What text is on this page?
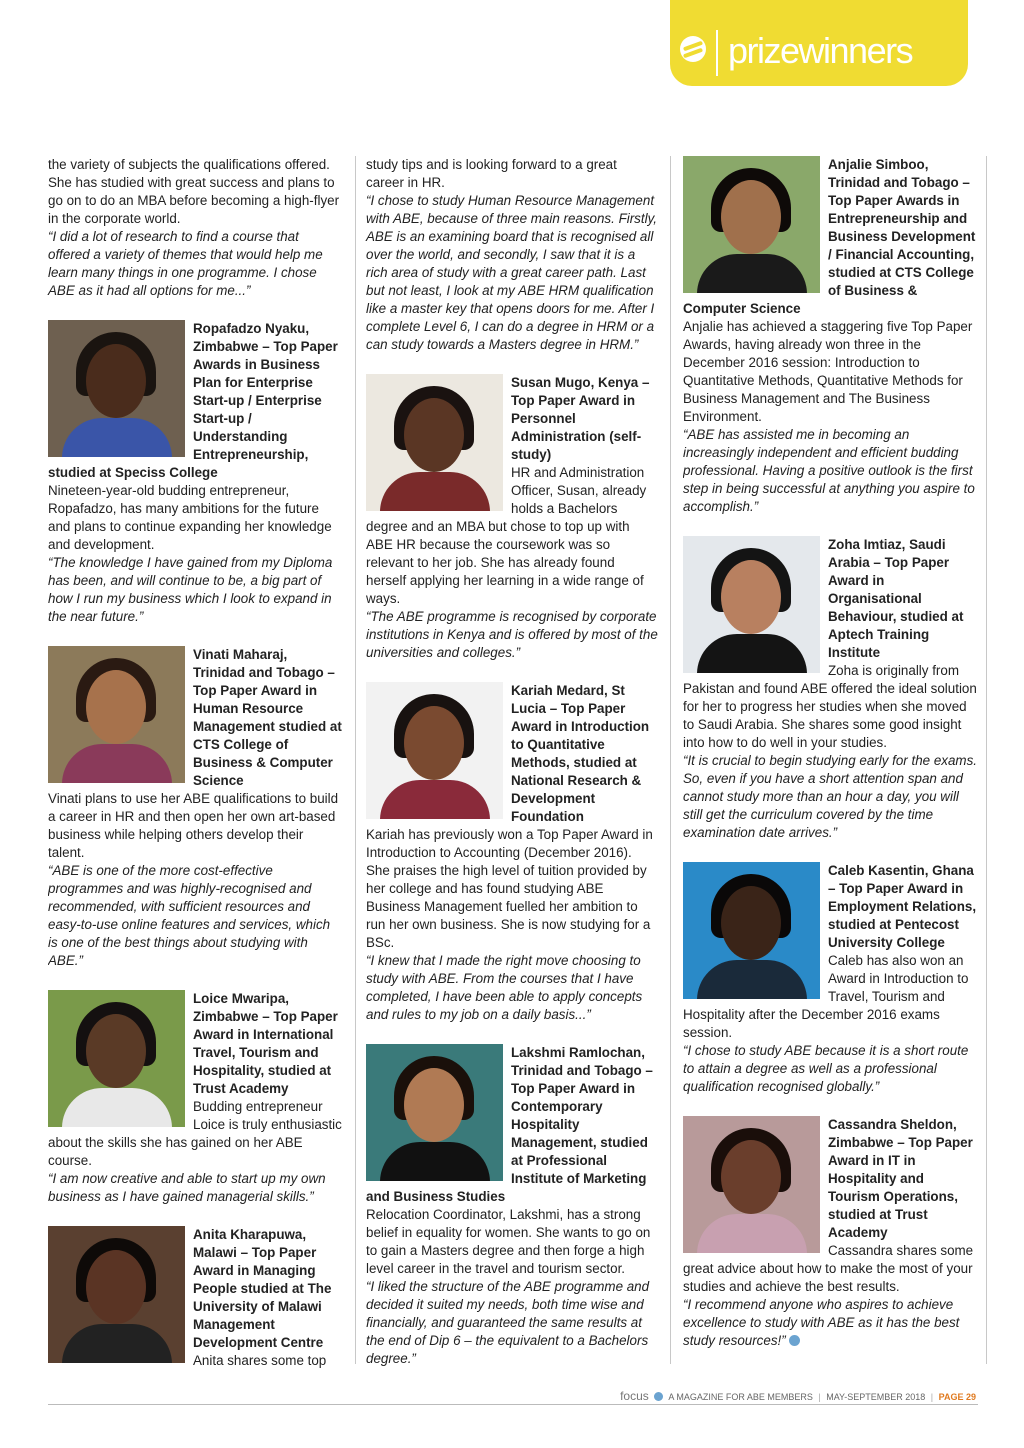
prizewinners

the variety of subjects the qualifications offered. She has studied with great success and plans to go on to do an MBA before becoming a high-flyer in the corporate world.

“I did a lot of research to find a course that offered a variety of themes that would help me learn many things in one programme. I chose ABE as it had all options for me...”

Ropafadzo Nyaku, Zimbabwe – Top Paper Awards in Business Plan for Enterprise Start-up / Enterprise Start-up / Understanding Entrepreneurship, studied at Speciss College

Nineteen-year-old budding entrepreneur, Ropafadzo, has many ambitions for the future and plans to continue expanding her knowledge and development.

“The knowledge I have gained from my Diploma has been, and will continue to be, a big part of how I run my business which I look to expand in the near future.”

Vinati Maharaj, Trinidad and Tobago – Top Paper Award in Human Resource Management studied at CTS College of Business & Computer Science

Vinati plans to use her ABE qualifications to build a career in HR and then open her own art-based business while helping others develop their talent.

“ABE is one of the more cost-effective programmes and was highly-recognised and recommended, with sufficient resources and easy-to-use online features and services, which is one of the best things about studying with ABE.”

Loice Mwaripa, Zimbabwe – Top Paper Award in International Travel, Tourism and Hospitality, studied at Trust Academy

Budding entrepreneur Loice is truly enthusiastic about the skills she has gained on her ABE course.

“I am now creative and able to start up my own business as I have gained managerial skills.”

Anita Kharapuwa, Malawi – Top Paper Award in Managing People studied at The University of Malawi Management Development Centre

Anita shares some top

study tips and is looking forward to a great career in HR.

“I chose to study Human Resource Management with ABE, because of three main reasons. Firstly, ABE is an examining board that is recognised all over the world, and secondly, I saw that it is a rich area of study with a great career path. Last but not least, I look at my ABE HRM qualification like a master key that opens doors for me. After I complete Level 6, I can do a degree in HRM or a can study towards a Masters degree in HRM.”

Susan Mugo, Kenya – Top Paper Award in Personnel Administration (self-study)

HR and Administration Officer, Susan, already holds a Bachelors degree and an MBA but chose to top up with ABE HR because the coursework was so relevant to her job. She has already found herself applying her learning in a wide range of ways.

“The ABE programme is recognised by corporate institutions in Kenya and is offered by most of the universities and colleges.”

Kariah Medard, St Lucia – Top Paper Award in Introduction to Quantitative Methods, studied at National Research & Development Foundation

Kariah has previously won a Top Paper Award in Introduction to Accounting (December 2016). She praises the high level of tuition provided by her college and has found studying ABE Business Management fuelled her ambition to run her own business. She is now studying for a BSc.

“I knew that I made the right move choosing to study with ABE. From the courses that I have completed, I have been able to apply concepts and rules to my job on a daily basis...”

Lakshmi Ramlochan, Trinidad and Tobago – Top Paper Award in Contemporary Hospitality Management, studied at Professional Institute of Marketing and Business Studies

Relocation Coordinator, Lakshmi, has a strong belief in equality for women. She wants to go on to gain a Masters degree and then forge a high level career in the travel and tourism sector.

“I liked the structure of the ABE programme and decided it suited my needs, both time wise and financially, and guaranteed the same results at the end of Dip 6 – the equivalent to a Bachelors degree.”

Anjalie Simboo, Trinidad and Tobago – Top Paper Awards in Entrepreneurship and Business Development / Financial Accounting, studied at CTS College of Business & Computer Science

Anjalie has achieved a staggering five Top Paper Awards, having already won three in the December 2016 session: Introduction to Quantitative Methods, Quantitative Methods for Business Management and The Business Environment.

“ABE has assisted me in becoming an increasingly independent and efficient budding professional. Having a positive outlook is the first step in being successful at anything you aspire to accomplish.”

Zoha Imtiaz, Saudi Arabia – Top Paper Award in Organisational Behaviour, studied at Aptech Training Institute

Zoha is originally from Pakistan and found ABE offered the ideal solution for her to progress her studies when she moved to Saudi Arabia. She shares some good insight into how to do well in your studies.

“It is crucial to begin studying early for the exams. So, even if you have a short attention span and cannot study more than an hour a day, you will still get the curriculum covered by the time examination date arrives.”

Caleb Kasentin, Ghana – Top Paper Award in Employment Relations, studied at Pentecost University College

Caleb has also won an Award in Introduction to Travel, Tourism and Hospitality after the December 2016 exams session.

“I chose to study ABE because it is a short route to attain a degree as well as a professional qualification recognised globally.”

Cassandra Sheldon, Zimbabwe – Top Paper Award in IT in Hospitality and Tourism Operations, studied at Trust Academy

Cassandra shares some great advice about how to make the most of your studies and achieve the best results.

“I recommend anyone who aspires to achieve excellence to study with ABE as it has the best study resources!”

focus A MAGAZINE FOR ABE MEMBERS | MAY-SEPTEMBER 2018 | PAGE 29
